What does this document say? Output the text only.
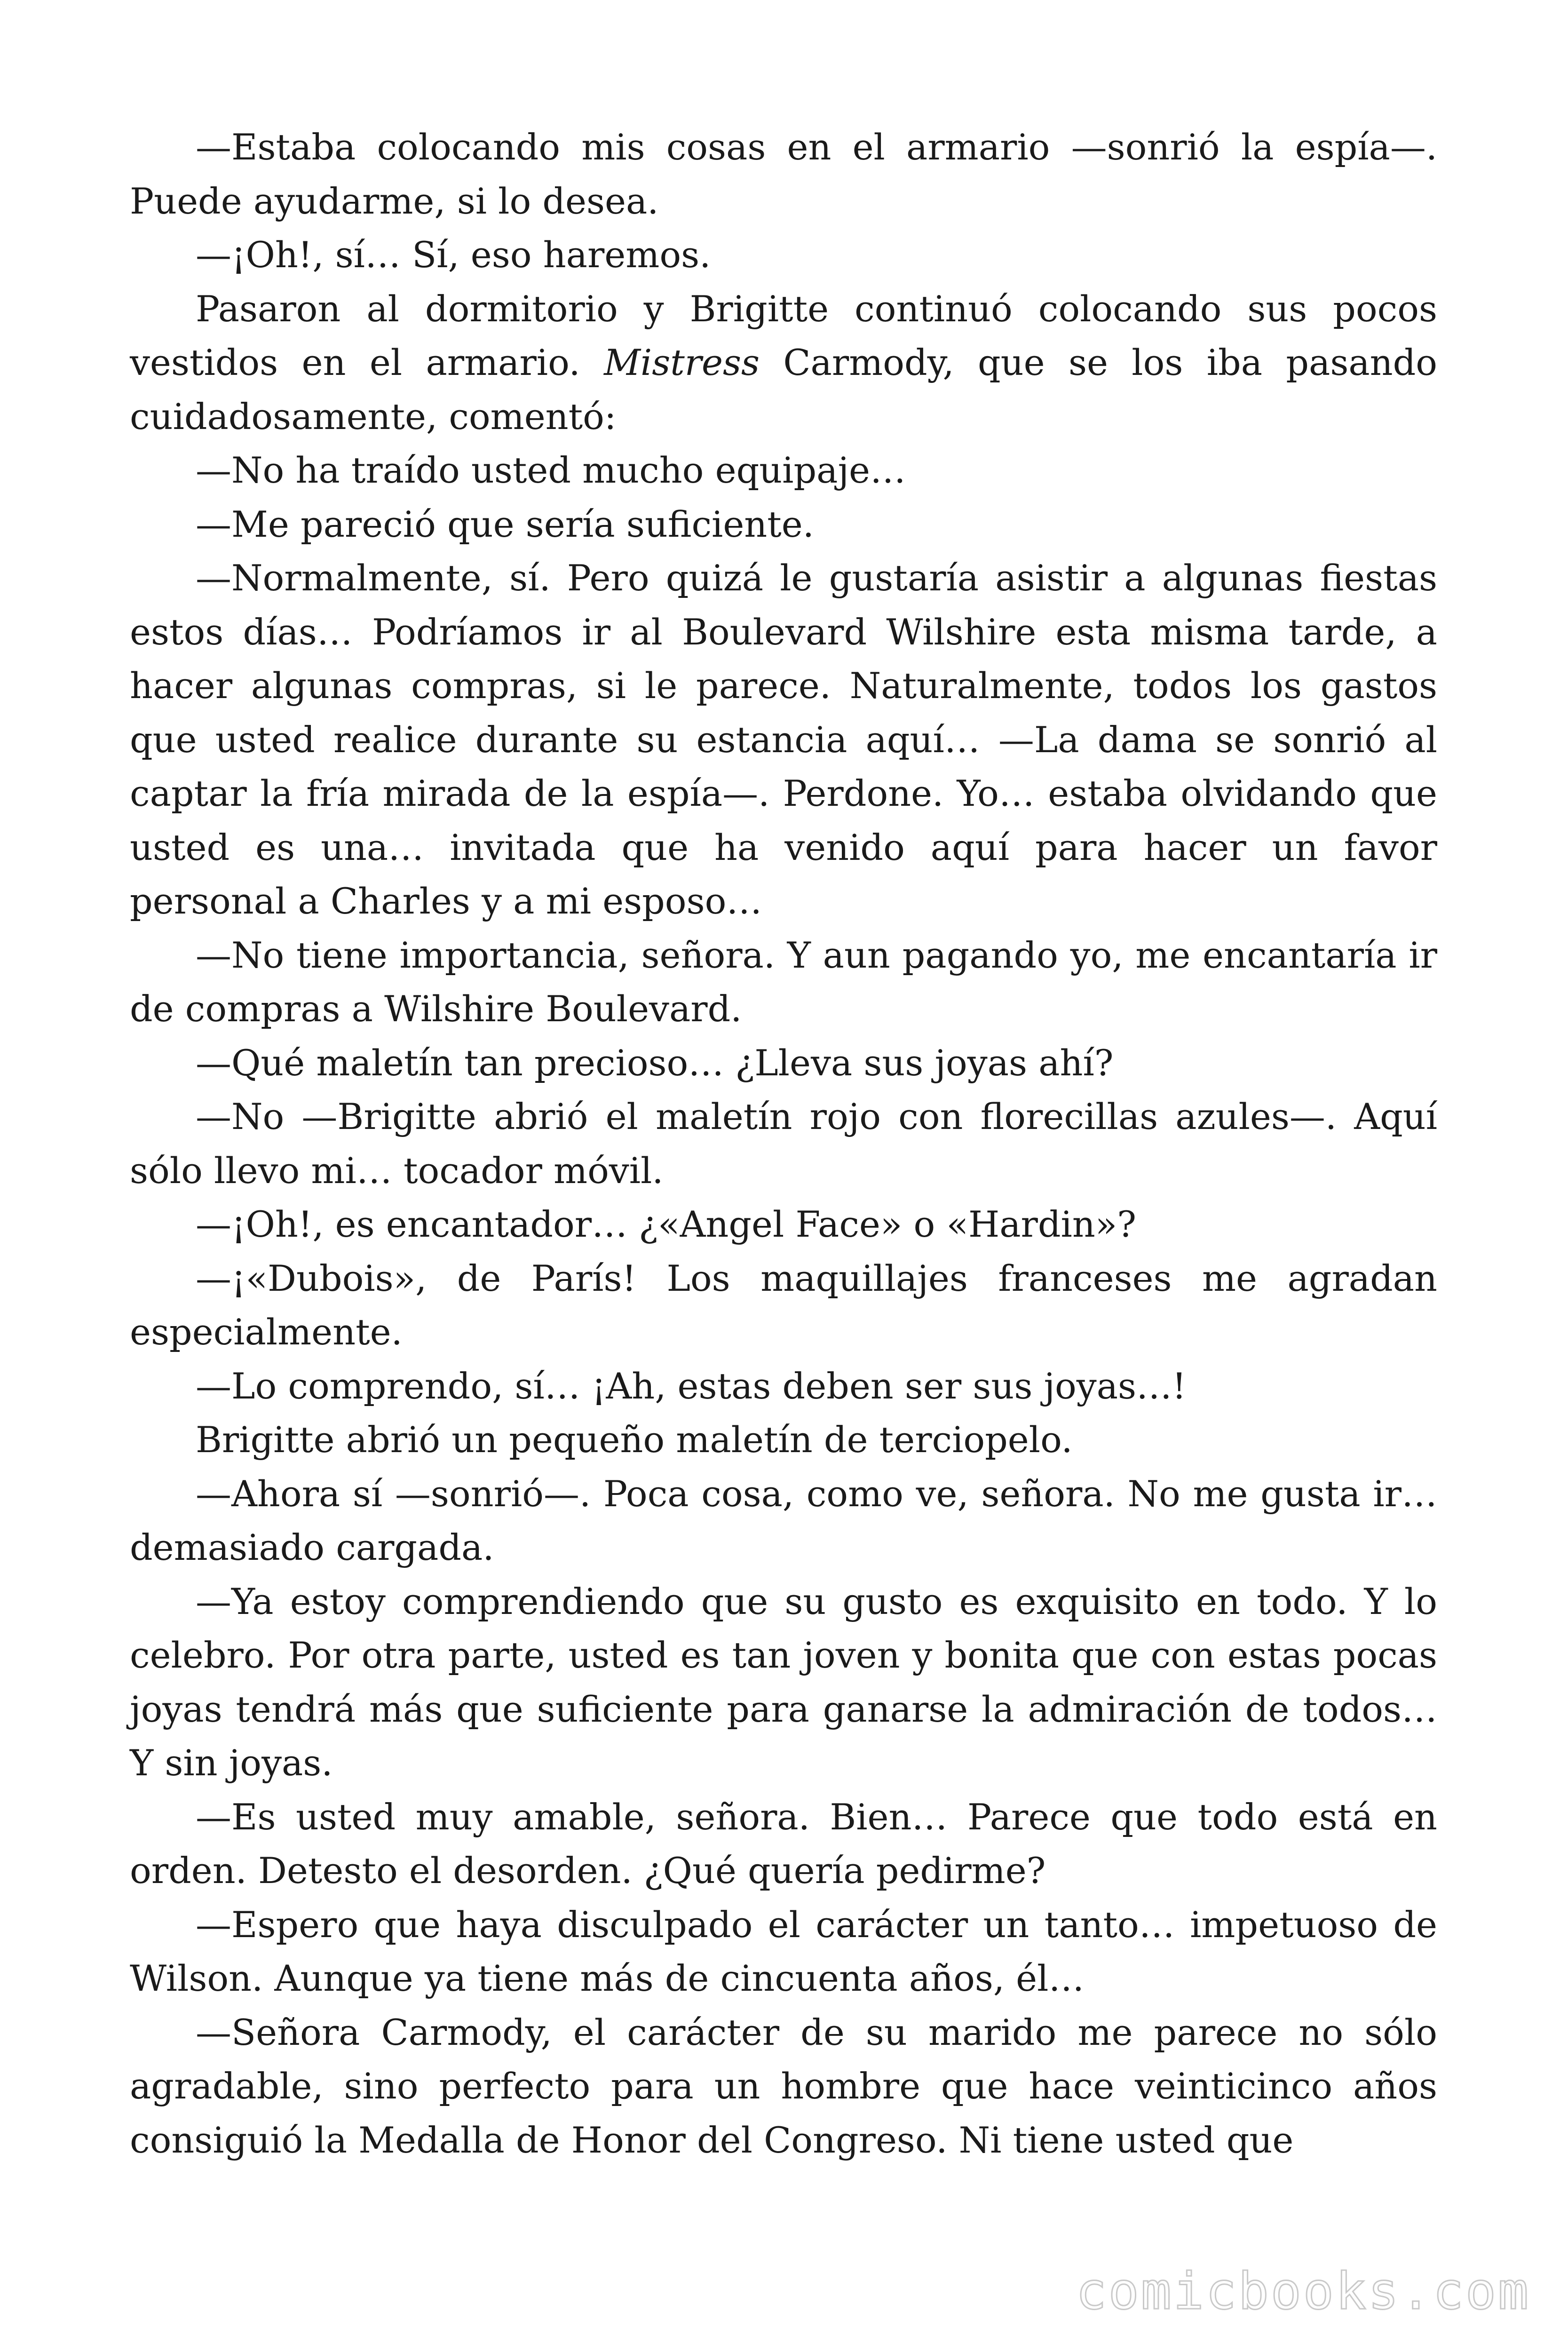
—Estaba colocando mis cosas en el armario —sonrió la espía—. Puede ayudarme, si lo desea.

—¡Oh!, sí… Sí, eso haremos.

Pasaron al dormitorio y Brigitte continuó colocando sus pocos vestidos en el armario. Mistress Carmody, que se los iba pasando cuidadosamente, comentó:

—No ha traído usted mucho equipaje…

—Me pareció que sería suficiente.

—Normalmente, sí. Pero quizá le gustaría asistir a algunas fiestas estos días… Podríamos ir al Boulevard Wilshire esta misma tarde, a hacer algunas compras, si le parece. Naturalmente, todos los gastos que usted realice durante su estancia aquí… —La dama se sonrió al captar la fría mirada de la espía—. Perdone. Yo… estaba olvidando que usted es una… invitada que ha venido aquí para hacer un favor personal a Charles y a mi esposo…

—No tiene importancia, señora. Y aun pagando yo, me encantaría ir de compras a Wilshire Boulevard.

—Qué maletín tan precioso… ¿Lleva sus joyas ahí?

—No —Brigitte abrió el maletín rojo con florecillas azules—. Aquí sólo llevo mi… tocador móvil.

—¡Oh!, es encantador… ¿«Angel Face» o «Hardin»?

—¡«Dubois», de París! Los maquillajes franceses me agradan especialmente.

—Lo comprendo, sí… ¡Ah, estas deben ser sus joyas…!

Brigitte abrió un pequeño maletín de terciopelo.

—Ahora sí —sonrió—. Poca cosa, como ve, señora. No me gusta ir… demasiado cargada.

—Ya estoy comprendiendo que su gusto es exquisito en todo. Y lo celebro. Por otra parte, usted es tan joven y bonita que con estas pocas joyas tendrá más que suficiente para ganarse la admiración de todos… Y sin joyas.

—Es usted muy amable, señora. Bien… Parece que todo está en orden. Detesto el desorden. ¿Qué quería pedirme?

—Espero que haya disculpado el carácter un tanto… impetuoso de Wilson. Aunque ya tiene más de cincuenta años, él…

—Señora Carmody, el carácter de su marido me parece no sólo agradable, sino perfecto para un hombre que hace veinticinco años consiguió la Medalla de Honor del Congreso. Ni tiene usted que

comicbooks.com
